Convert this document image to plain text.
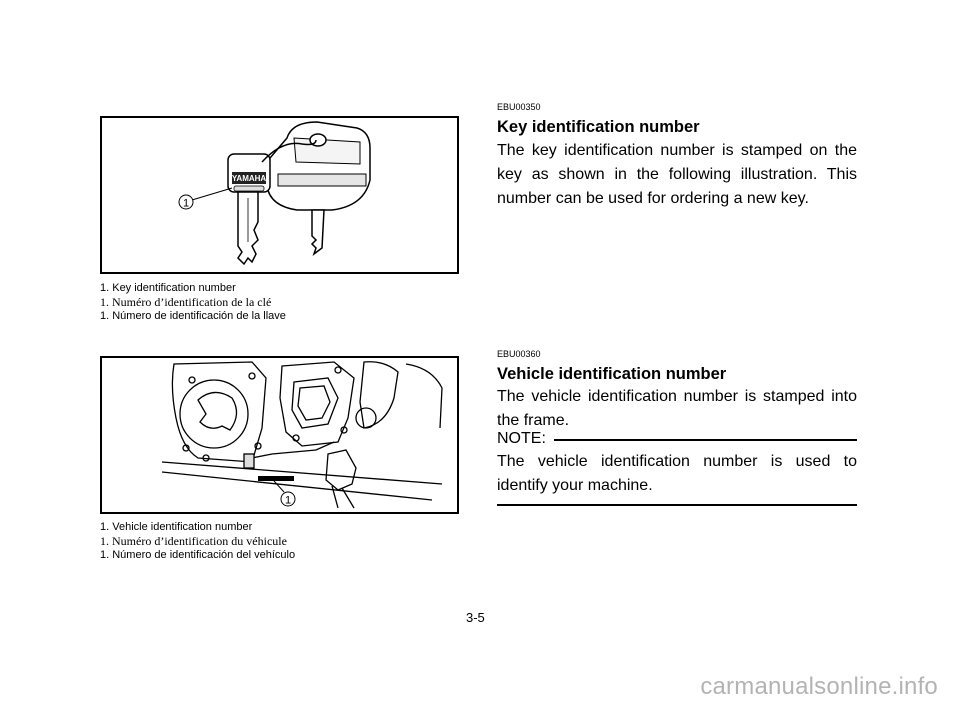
YAMAHA
1
1. Key identification number
1. Numéro d’identification de la clé
1. Número de identificación de la llave
1
1. Vehicle identification number
1. Numéro d’identification du véhicule
1. Número de identificación del vehículo
EBU00350
Key identification number
The key identification number is stamped on the key as shown in the following illustration. This number can be used for ordering a new key.
EBU00360
Vehicle identification number
The vehicle identification number is stamped into the frame.
NOTE:
The vehicle identification number is used to identify your machine.
3-5
carmanualsonline.info
